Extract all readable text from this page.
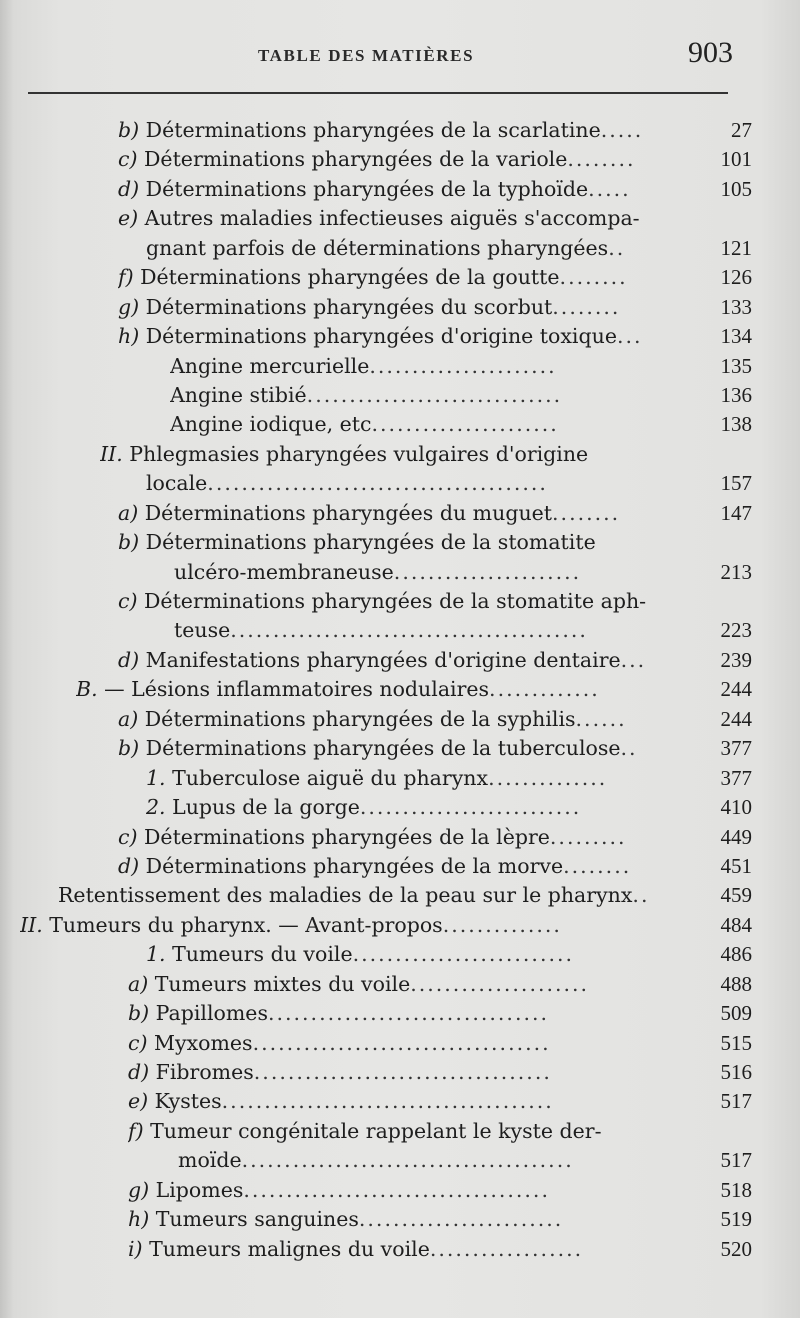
TABLE DES MATIÈRES	903
b) Déterminations pharyngées de la scarlatine.....	27
c) Déterminations pharyngées de la variole........	101
d) Déterminations pharyngées de la typhoïde.....	105
e) Autres maladies infectieuses aiguës s'accompa-
gnant parfois de déterminations pharyngées..	121
f) Déterminations pharyngées de la goutte........	126
g) Déterminations pharyngées du scorbut........	133
h) Déterminations pharyngées d'origine toxique...	134
Angine mercurielle......................	135
Angine stibié..............................	136
Angine iodique, etc......................	138
II. Phlegmasies pharyngées vulgaires d'origine
locale........................................	157
a) Déterminations pharyngées du muguet........	147
b) Déterminations pharyngées de la stomatite
ulcéro-membraneuse......................	213
c) Déterminations pharyngées de la stomatite aph-
teuse..........................................	223
d) Manifestations pharyngées d'origine dentaire...	239
B. — Lésions inflammatoires nodulaires.............	244
a) Déterminations pharyngées de la syphilis......	244
b) Déterminations pharyngées de la tuberculose..	377
1. Tuberculose aiguë du pharynx..............	377
2. Lupus de la gorge..........................	410
c) Déterminations pharyngées de la lèpre.........	449
d) Déterminations pharyngées de la morve........	451
Retentissement des maladies de la peau sur le pharynx..	459
II. Tumeurs du pharynx. — Avant-propos..............	484
1. Tumeurs du voile..........................	486
a) Tumeurs mixtes du voile.....................	488
b) Papillomes.................................	509
c) Myxomes...................................	515
d) Fibromes...................................	516
e) Kystes.......................................	517
f) Tumeur congénitale rappelant le kyste der-
moïde.......................................	517
g) Lipomes....................................	518
h) Tumeurs sanguines........................	519
i) Tumeurs malignes du voile..................	520
